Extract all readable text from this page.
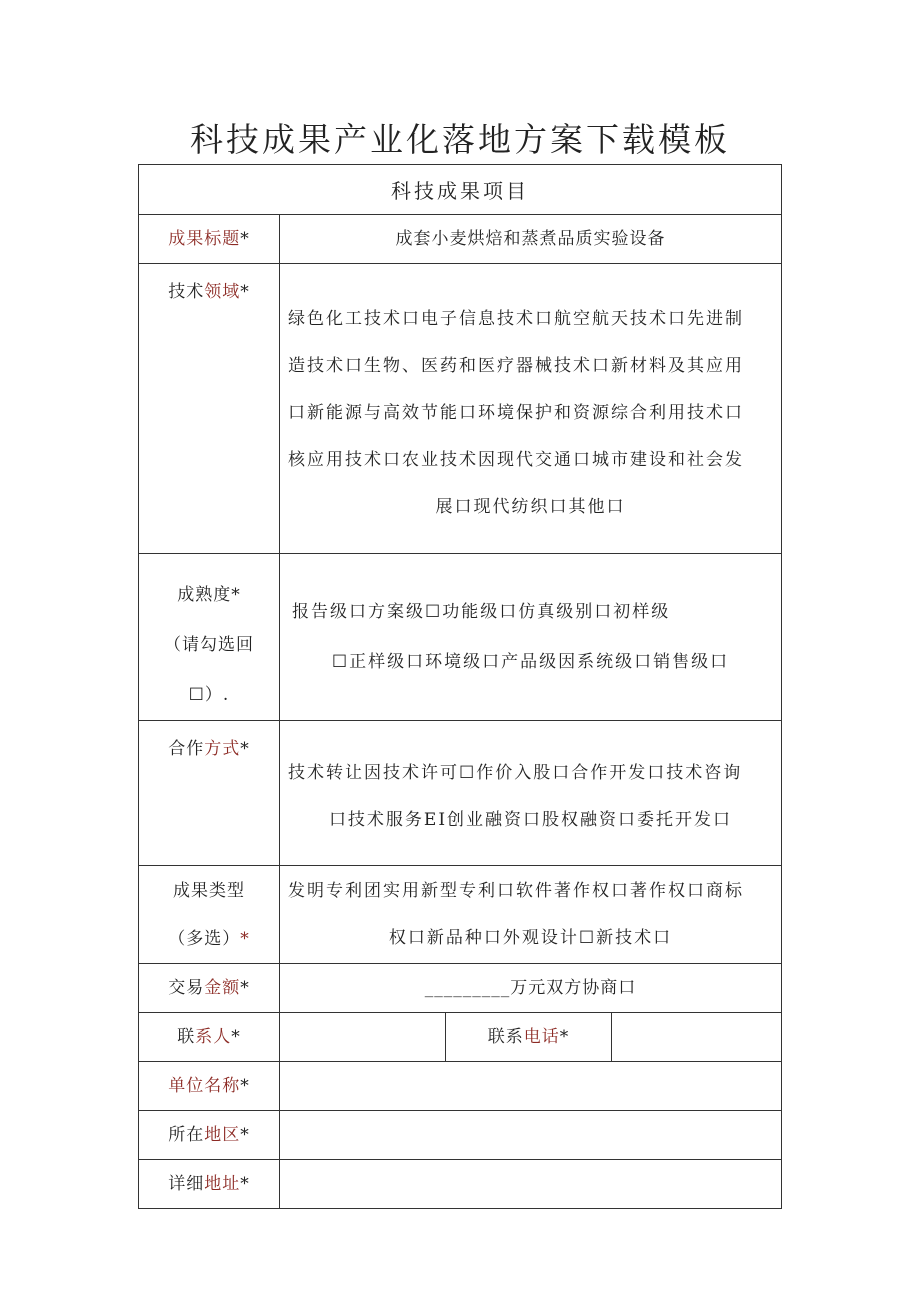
科技成果产业化落地方案下载模板
科技成果项目			
成果标题*	成套小麦烘焙和蒸煮品质实验设备		
技术领域*	绿色化工技术口电子信息技术口航空航天技术口先进制
造技术口生物、医药和医疗器械技术口新材料及其应用
口新能源与高效节能口环境保护和资源综合利用技术口
核应用技术口农业技术因现代交通口城市建设和社会发
展口现代纺织口其他口		

成熟度*
（请勾选回
☐）.	报告级口方案级☐功能级口仿真级别口初样级
☐正样级口环境级口产品级因系统级口销售级口		

合作方式*	技术转让因技术许可☐作价入股口合作开发口技术咨询
口技术服务EI创业融资口股权融资口委托开发口		

成果类型
（多选）*	发明专利团实用新型专利口软件著作权口著作权口商标
权口新品种口外观设计☐新技术口		

交易金额*	_________万元双方协商口		
联系人*		联系电话*	
单位名称*			
所在地区*			
详细地址*			
